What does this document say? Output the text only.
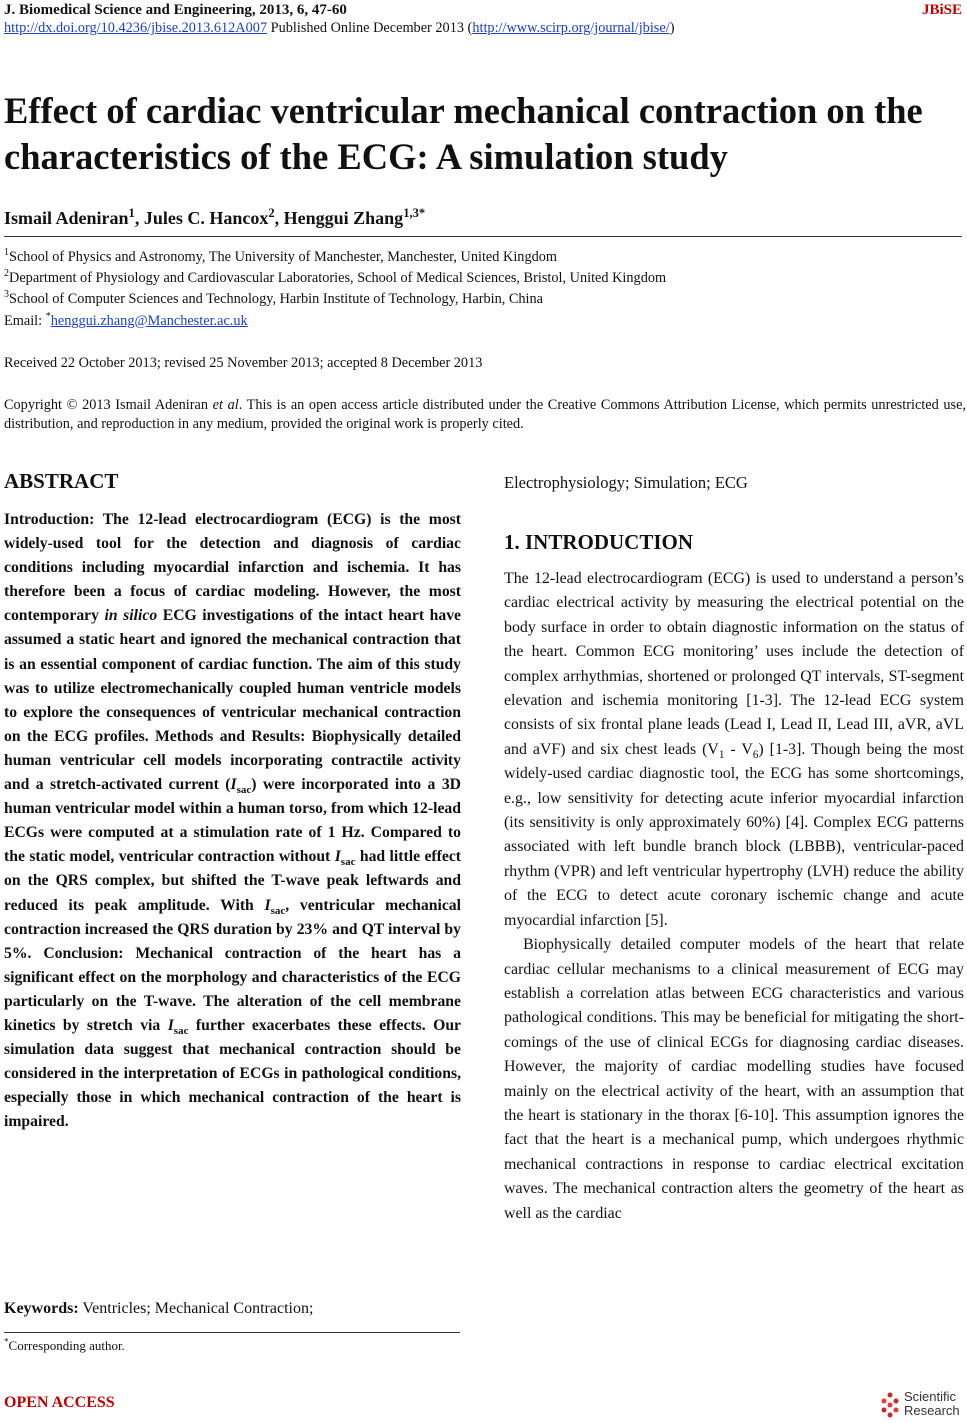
J. Biomedical Science and Engineering, 2013, 6, 47-60	JBiSE
http://dx.doi.org/10.4236/jbise.2013.612A007 Published Online December 2013 (http://www.scirp.org/journal/jbise/)
Effect of cardiac ventricular mechanical contraction on the characteristics of the ECG: A simulation study
Ismail Adeniran$^1$, Jules C. Hancox$^2$, Henggui Zhang$^{1,3*}$
$^1$School of Physics and Astronomy, The University of Manchester, Manchester, United Kingdom
$^2$Department of Physiology and Cardiovascular Laboratories, School of Medical Sciences, Bristol, United Kingdom
$^3$School of Computer Sciences and Technology, Harbin Institute of Technology, Harbin, China
Email: *henggui.zhang@Manchester.ac.uk
Received 22 October 2013; revised 25 November 2013; accepted 8 December 2013
Copyright © 2013 Ismail Adeniran et al. This is an open access article distributed under the Creative Commons Attribution License, which permits unrestricted use, distribution, and reproduction in any medium, provided the original work is properly cited.
ABSTRACT
Introduction: The 12-lead electrocardiogram (ECG) is the most widely-used tool for the detection and diagnosis of cardiac conditions including myocardial infarction and ischemia. It has therefore been a focus of cardiac modeling. However, the most contemporary in silico ECG investigations of the intact heart have assumed a static heart and ignored the mechanical contraction that is an essential component of cardiac function. The aim of this study was to utilize electromechanically coupled human ventricle models to explore the consequences of ventricular mechanical contraction on the ECG profiles. Methods and Results: Biophysically detailed human ventricular cell models incorporating contractile activity and a stretch-activated current $(I_{sac})$ were incorporated into a 3D human ventricular model within a human torso, from which 12-lead ECGs were computed at a stimulation rate of 1 Hz. Compared to the static model, ventricular contraction without $I_{sac}$ had little effect on the QRS complex, but shifted the T-wave peak leftwards and reduced its peak amplitude. With $I_{sac}$, ventricular mechanical contraction increased the QRS duration by 23% and QT interval by 5%. Conclusion: Mechanical contraction of the heart has a significant effect on the morphology and characteristics of the ECG particularly on the T-wave. The alteration of the cell membrane kinetics by stretch via $I_{sac}$ further exacerbates these effects. Our simulation data suggest that mechanical contraction should be considered in the interpretation of ECGs in pathological conditions, especially those in which mechanical contraction of the heart is impaired.
Keywords: Ventricles; Mechanical Contraction;
*Corresponding author.
Electrophysiology; Simulation; ECG
1. INTRODUCTION

The 12-lead electrocardiogram (ECG) is used to understand a person’s cardiac electrical activity by measuring the electrical potential on the body surface in order to obtain diagnostic information on the status of the heart. Common ECG monitoring’ uses include the detection of complex arrhythmias, shortened or prolonged QT intervals, ST-segment elevation and ischemia monitoring [1-3]. The 12-lead ECG system consists of six frontal plane leads (Lead I, Lead II, Lead III, aVR, aVL and aVF) and six chest leads $(V_1 - V_6)$ [1-3]. Though being the most widely-used cardiac diagnostic tool, the ECG has some shortcomings, e.g., low sensitivity for detecting acute inferior myocardial infarction (its sensitivity is only approximately 60%) [4]. Complex ECG patterns associated with left bundle branch block (LBBB), ventricular-paced rhythm (VPR) and left ventricular hypertrophy (LVH) reduce the ability of the ECG to detect acute coronary ischemic change and acute myocardial infarction [5].

Biophysically detailed computer models of the heart that relate cardiac cellular mechanisms to a clinical measurement of ECG may establish a correlation atlas between ECG characteristics and various pathological conditions. This may be beneficial for mitigating the shortcomings of the use of clinical ECGs for diagnosing cardiac diseases. However, the majority of cardiac modelling studies have focused mainly on the electrical activity of the heart, with an assumption that the heart is stationary in the thorax [6-10]. This assumption ignores the fact that the heart is a mechanical pump, which undergoes rhythmic mechanical contractions in response to cardiac electrical excitation waves. The mechanical contraction alters the geometry of the heart as well as the cardiac

OPEN ACCESS	Scientific
Research
